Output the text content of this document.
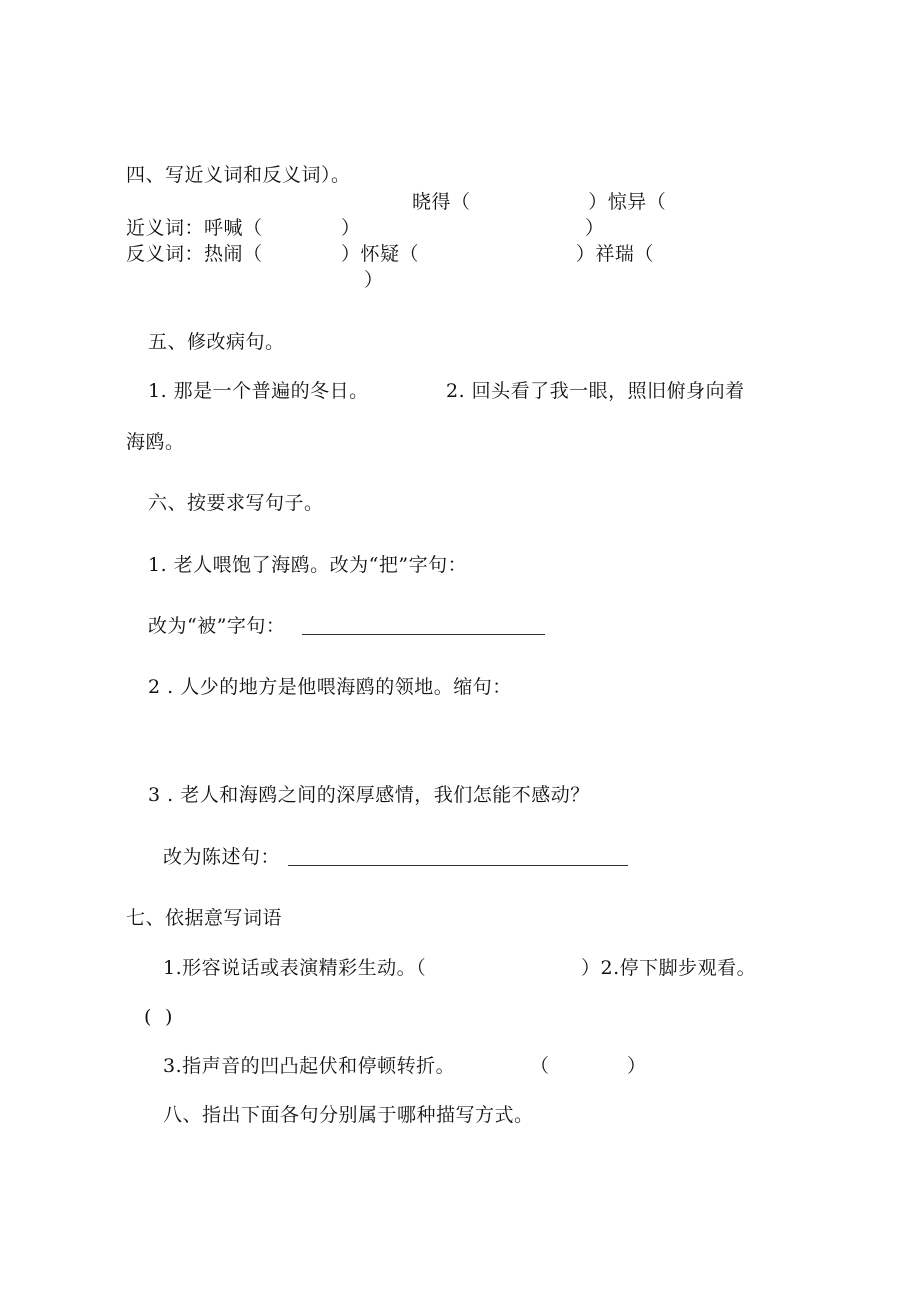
四、写近义词和反义词）。
晓得（                  ）惊异（
近义词：呼喊（            ）	）
反义词：热闹（            ）怀疑（                        ）祥瑞（
）
五、修改病句。
1. 那是一个普遍的冬日。	2. 回头看了我一眼，照旧俯身向着
海鸥。
六、按要求写句子。
1. 老人喂饱了海鸥。改为“把”字句：
改为“被”字句：
2 . 人少的地方是他喂海鸥的领地。缩句：
3 . 老人和海鸥之间的深厚感情，我们怎能不感动？
改为陈述句：
七、依据意写词语
1.形容说话或表演精彩生动。（	）2.停下脚步观看。
(  )
3.指声音的凹凸起伏和停顿转折。	（	）
八、指出下面各句分别属于哪种描写方式。
